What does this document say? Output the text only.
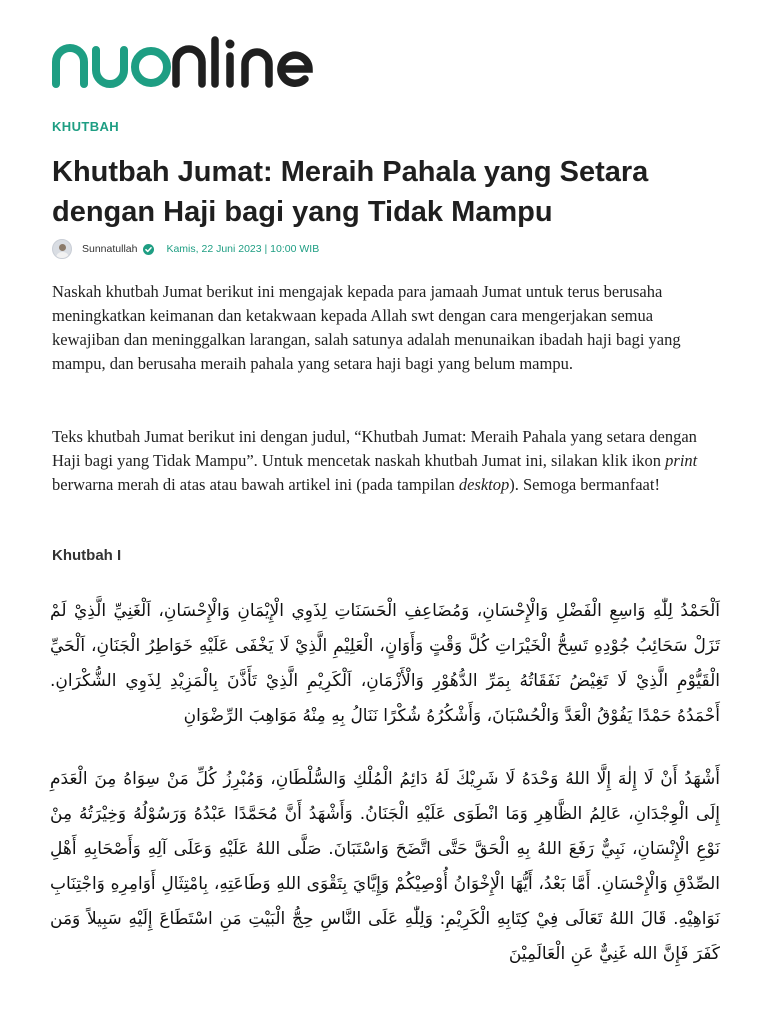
KHUTBAH
Khutbah Jumat: Meraih Pahala yang Setara dengan Haji bagi yang Tidak Mampu
Sunnatullah	Kamis, 22 Juni 2023 | 10:00 WIB

Naskah khutbah Jumat berikut ini mengajak kepada para jamaah Jumat untuk terus berusaha meningkatkan keimanan dan ketakwaan kepada Allah swt dengan cara mengerjakan semua kewajiban dan meninggalkan larangan, salah satunya adalah menunaikan ibadah haji bagi yang mampu, dan berusaha meraih pahala yang setara haji bagi yang belum mampu.

Teks khutbah Jumat berikut ini dengan judul, “Khutbah Jumat: Meraih Pahala yang setara dengan Haji bagi yang Tidak Mampu”. Untuk mencetak naskah khutbah Jumat ini, silakan klik ikon print berwarna merah di atas atau bawah artikel ini (pada tampilan desktop). Semoga bermanfaat!

Khutbah I

اَلْحَمْدُ لِلّٰهِ وَاسِعِ الْفَضْلِ وَالْإِحْسَانِ، وَمُضَاعِفِ الْحَسَنَاتِ لِذَوِي الْإِيْمَانِ وَالْإِحْسَانِ، اَلْغَنِيِّ الَّذِيْ لَمْ تَزَلْ سَحَائِبُ جُوْدِهِ تَسِحُّ الْخَيْرَاتِ كُلَّ وَقْتٍ وَأَوَانٍ، الْعَلِيْمِ الَّذِيْ لَا يَخْفَى عَلَيْهِ خَوَاطِرُ الْجَنَانِ، اَلْحَيِّ الْقَيُّوْمِ الَّذِيْ لَا تَغِيْضُ نَفَقَاتُهُ بِمَرِّ الدُّهُوْرِ وَالْأَزْمَانِ، اَلْكَرِيْمِ الَّذِيْ تَأَذَّنَ بِالْمَزِيْدِ لِذَوِي الشُّكْرَانِ. أَحْمَدُهُ حَمْدًا يَفُوْقُ الْعَدَّ وَالْحُسْبَانَ، وَأَشْكُرُهُ شُكْرًا نَنَالُ بِهِ مِنْهُ مَوَاهِبَ الرِّضْوَانِ

أَشْهَدُ أَنْ لَا إِلٰهَ إِلَّا اللهُ وَحْدَهُ لَا شَرِيْكَ لَهُ دَائِمُ الْمُلْكِ وَالسُّلْطَانِ، وَمُبْرِزُ كُلِّ مَنْ سِوَاهُ مِنَ الْعَدَمِ إِلَى الْوِجْدَانِ، عَالِمُ الظَّاهِرِ وَمَا انْطَوَى عَلَيْهِ الْجَنَانُ. وَأَشْهَدُ أَنَّ مُحَمَّدًا عَبْدُهُ وَرَسُوْلُهُ وَخِيْرَتُهُ مِنْ نَوْعِ الْإِنْسَانِ، نَبِيٌّ رَفَعَ اللهُ بِهِ الْحَقَّ حَتَّى اتَّضَحَ وَاسْتَبَانَ. صَلَّى اللهُ عَلَيْهِ وَعَلَى آلِهِ وَأَصْحَابِهِ أَهْلِ الصِّدْقِ وَالْإِحْسَانِ. أَمَّا بَعْدُ، أَيُّهَا الْإِخْوَانُ أُوْصِيْكُمْ وَإِيَّايَ بِتَقْوَى اللهِ وَطَاعَتِهِ، بِامْتِثَالِ أَوَامِرِهِ وَاجْتِنَابِ نَوَاهِيْهِ. قَالَ اللهُ تَعَالَى فِيْ كِتَابِهِ الْكَرِيْمِ: وَلِلّٰهِ عَلَى النَّاسِ حِجُّ الْبَيْتِ مَنِ اسْتَطَاعَ إِلَيْهِ سَبِيلاً وَمَن كَفَرَ فَإِنَّ الله غَنِيٌّ عَنِ الْعَالَمِيْنَ
